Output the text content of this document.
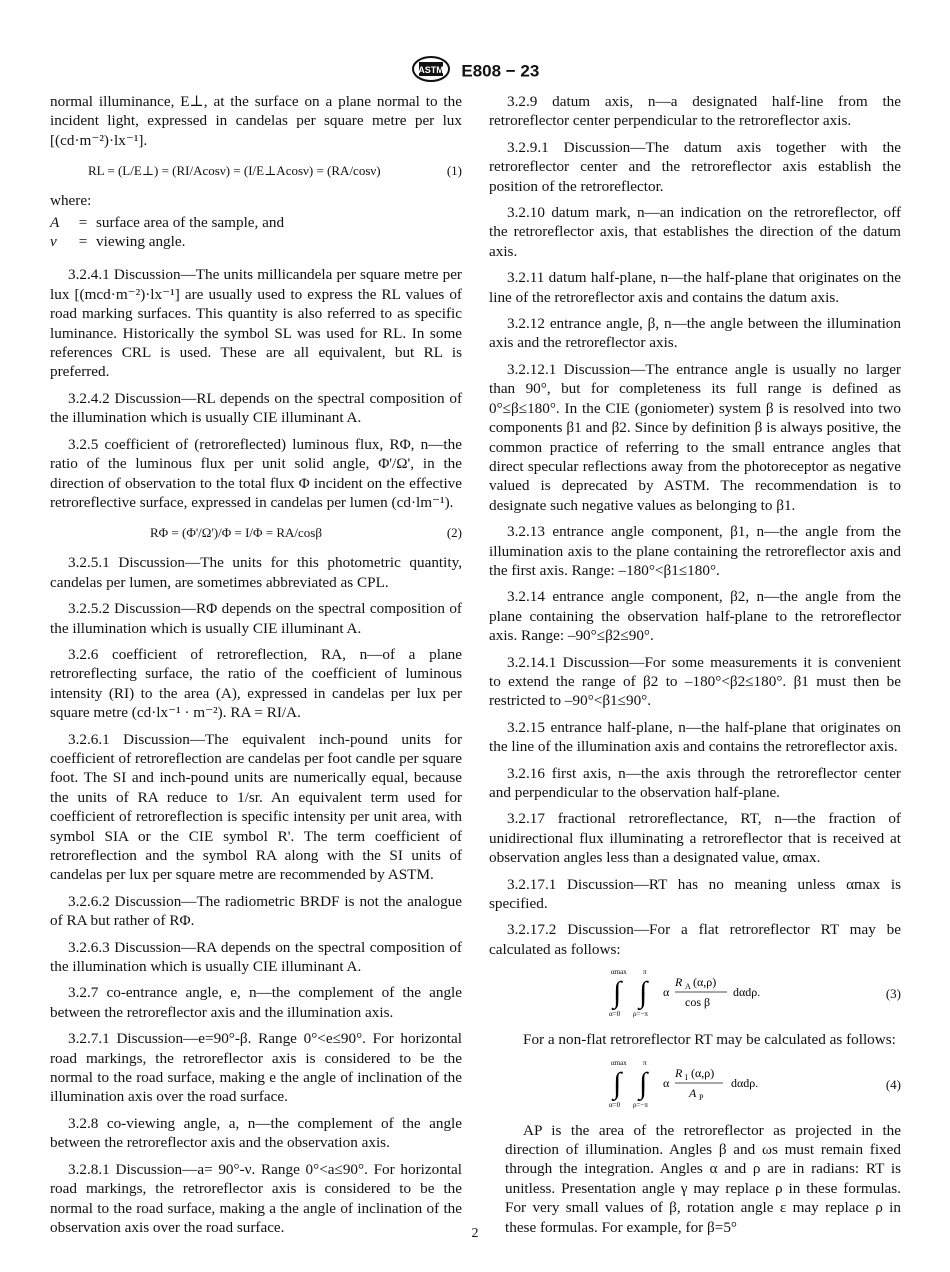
ASTM E808 − 23

normal illuminance, E⊥, at the surface on a plane normal to the incident light, expressed in candelas per square metre per lux [(cd·m⁻²)·lx⁻¹].

RL = (L/E⊥) = (RI/Acosν) = (I/E⊥Acosν) = (RA/cosν)	(1)

where:

A	= surface area of the sample, and
ν	= viewing angle.

3.2.4.1 Discussion—The units millicandela per square metre per lux [(mcd·m⁻²)·lx⁻¹] are usually used to express the RL values of road marking surfaces. This quantity is also referred to as specific luminance. Historically the symbol SL was used for RL. In some references CRL is used. These are all equivalent, but RL is preferred.

3.2.4.2 Discussion—RL depends on the spectral composition of the illumination which is usually CIE illuminant A.

3.2.5 coefficient of (retroreflected) luminous flux, RΦ, n—the ratio of the luminous flux per unit solid angle, Φ'/Ω', in the direction of observation to the total flux Φ incident on the effective retroreflective surface, expressed in candelas per lumen (cd·lm⁻¹).

RΦ = (Φ'/Ω')/Φ = I/Φ = RA/cosβ	(2)

3.2.5.1 Discussion—The units for this photometric quantity, candelas per lumen, are sometimes abbreviated as CPL.

3.2.5.2 Discussion—RΦ depends on the spectral composition of the illumination which is usually CIE illuminant A.

3.2.6 coefficient of retroreflection, RA, n—of a plane retroreflecting surface, the ratio of the coefficient of luminous intensity (RI) to the area (A), expressed in candelas per lux per square metre (cd·lx⁻¹ · m⁻²). RA = RI/A.

3.2.6.1 Discussion—The equivalent inch-pound units for coefficient of retroreflection are candelas per foot candle per square foot. The SI and inch-pound units are numerically equal, because the units of RA reduce to 1/sr. An equivalent term used for coefficient of retroreflection is specific intensity per unit area, with symbol SIA or the CIE symbol R'. The term coefficient of retroreflection and the symbol RA along with the SI units of candelas per lux per square metre are recommended by ASTM.

3.2.6.2 Discussion—The radiometric BRDF is not the analogue of RA but rather of RΦ.

3.2.6.3 Discussion—RA depends on the spectral composition of the illumination which is usually CIE illuminant A.

3.2.7 co-entrance angle, e, n—the complement of the angle between the retroreflector axis and the illumination axis.

3.2.7.1 Discussion—e=90°-β. Range 0°<e≤90°. For horizontal road markings, the retroreflector axis is considered to be the normal to the road surface, making e the angle of inclination of the illumination axis over the road surface.

3.2.8 co-viewing angle, a, n—the complement of the angle between the retroreflector axis and the observation axis.

3.2.8.1 Discussion—a= 90°-ν. Range 0°<a≤90°. For horizontal road markings, the retroreflector axis is considered to be the normal to the road surface, making a the angle of inclination of the observation axis over the road surface.

3.2.9 datum axis, n—a designated half-line from the retroreflector center perpendicular to the retroreflector axis.

3.2.9.1 Discussion—The datum axis together with the retroreflector center and the retroreflector axis establish the position of the retroreflector.

3.2.10 datum mark, n—an indication on the retroreflector, off the retroreflector axis, that establishes the direction of the datum axis.

3.2.11 datum half-plane, n—the half-plane that originates on the line of the retroreflector axis and contains the datum axis.

3.2.12 entrance angle, β, n—the angle between the illumination axis and the retroreflector axis.

3.2.12.1 Discussion—The entrance angle is usually no larger than 90°, but for completeness its full range is defined as 0°≤β≤180°. In the CIE (goniometer) system β is resolved into two components β1 and β2. Since by definition β is always positive, the common practice of referring to the small entrance angles that direct specular reflections away from the photoreceptor as negative valued is deprecated by ASTM. The recommendation is to designate such negative values as belonging to β1.

3.2.13 entrance angle component, β1, n—the angle from the illumination axis to the plane containing the retroreflector axis and the first axis. Range: –180°<β1≤180°.

3.2.14 entrance angle component, β2, n—the angle from the plane containing the observation half-plane to the retroreflector axis. Range: –90°≤β2≤90°.

3.2.14.1 Discussion—For some measurements it is convenient to extend the range of β2 to –180°<β2≤180°. β1 must then be restricted to –90°<β1≤90°.

3.2.15 entrance half-plane, n—the half-plane that originates on the line of the illumination axis and contains the retroreflector axis.

3.2.16 first axis, n—the axis through the retroreflector center and perpendicular to the observation half-plane.

3.2.17 fractional retroreflectance, RT, n—the fraction of unidirectional flux illuminating a retroreflector that is received at observation angles less than a designated value, αmax.

3.2.17.1 Discussion—RT has no meaning unless αmax is specified.

3.2.17.2 Discussion—For a flat retroreflector RT may be calculated as follows:

αmax
∫
α=0
π
∫
ρ=−π
α
R A (α,ρ)
cos β
dαdρ.	(3)

For a non-flat retroreflector RT may be calculated as follows:

αmax
∫
α=0
π
∫
ρ=−π
α
R I (α,ρ)
A P
dαdρ.	(4)

AP is the area of the retroreflector as projected in the direction of illumination. Angles β and ωs must remain fixed through the integration. Angles α and ρ are in radians: RT is unitless. Presentation angle γ may replace ρ in these formulas. For very small values of β, rotation angle ε may replace ρ in these formulas. For example, for β=5°

2
